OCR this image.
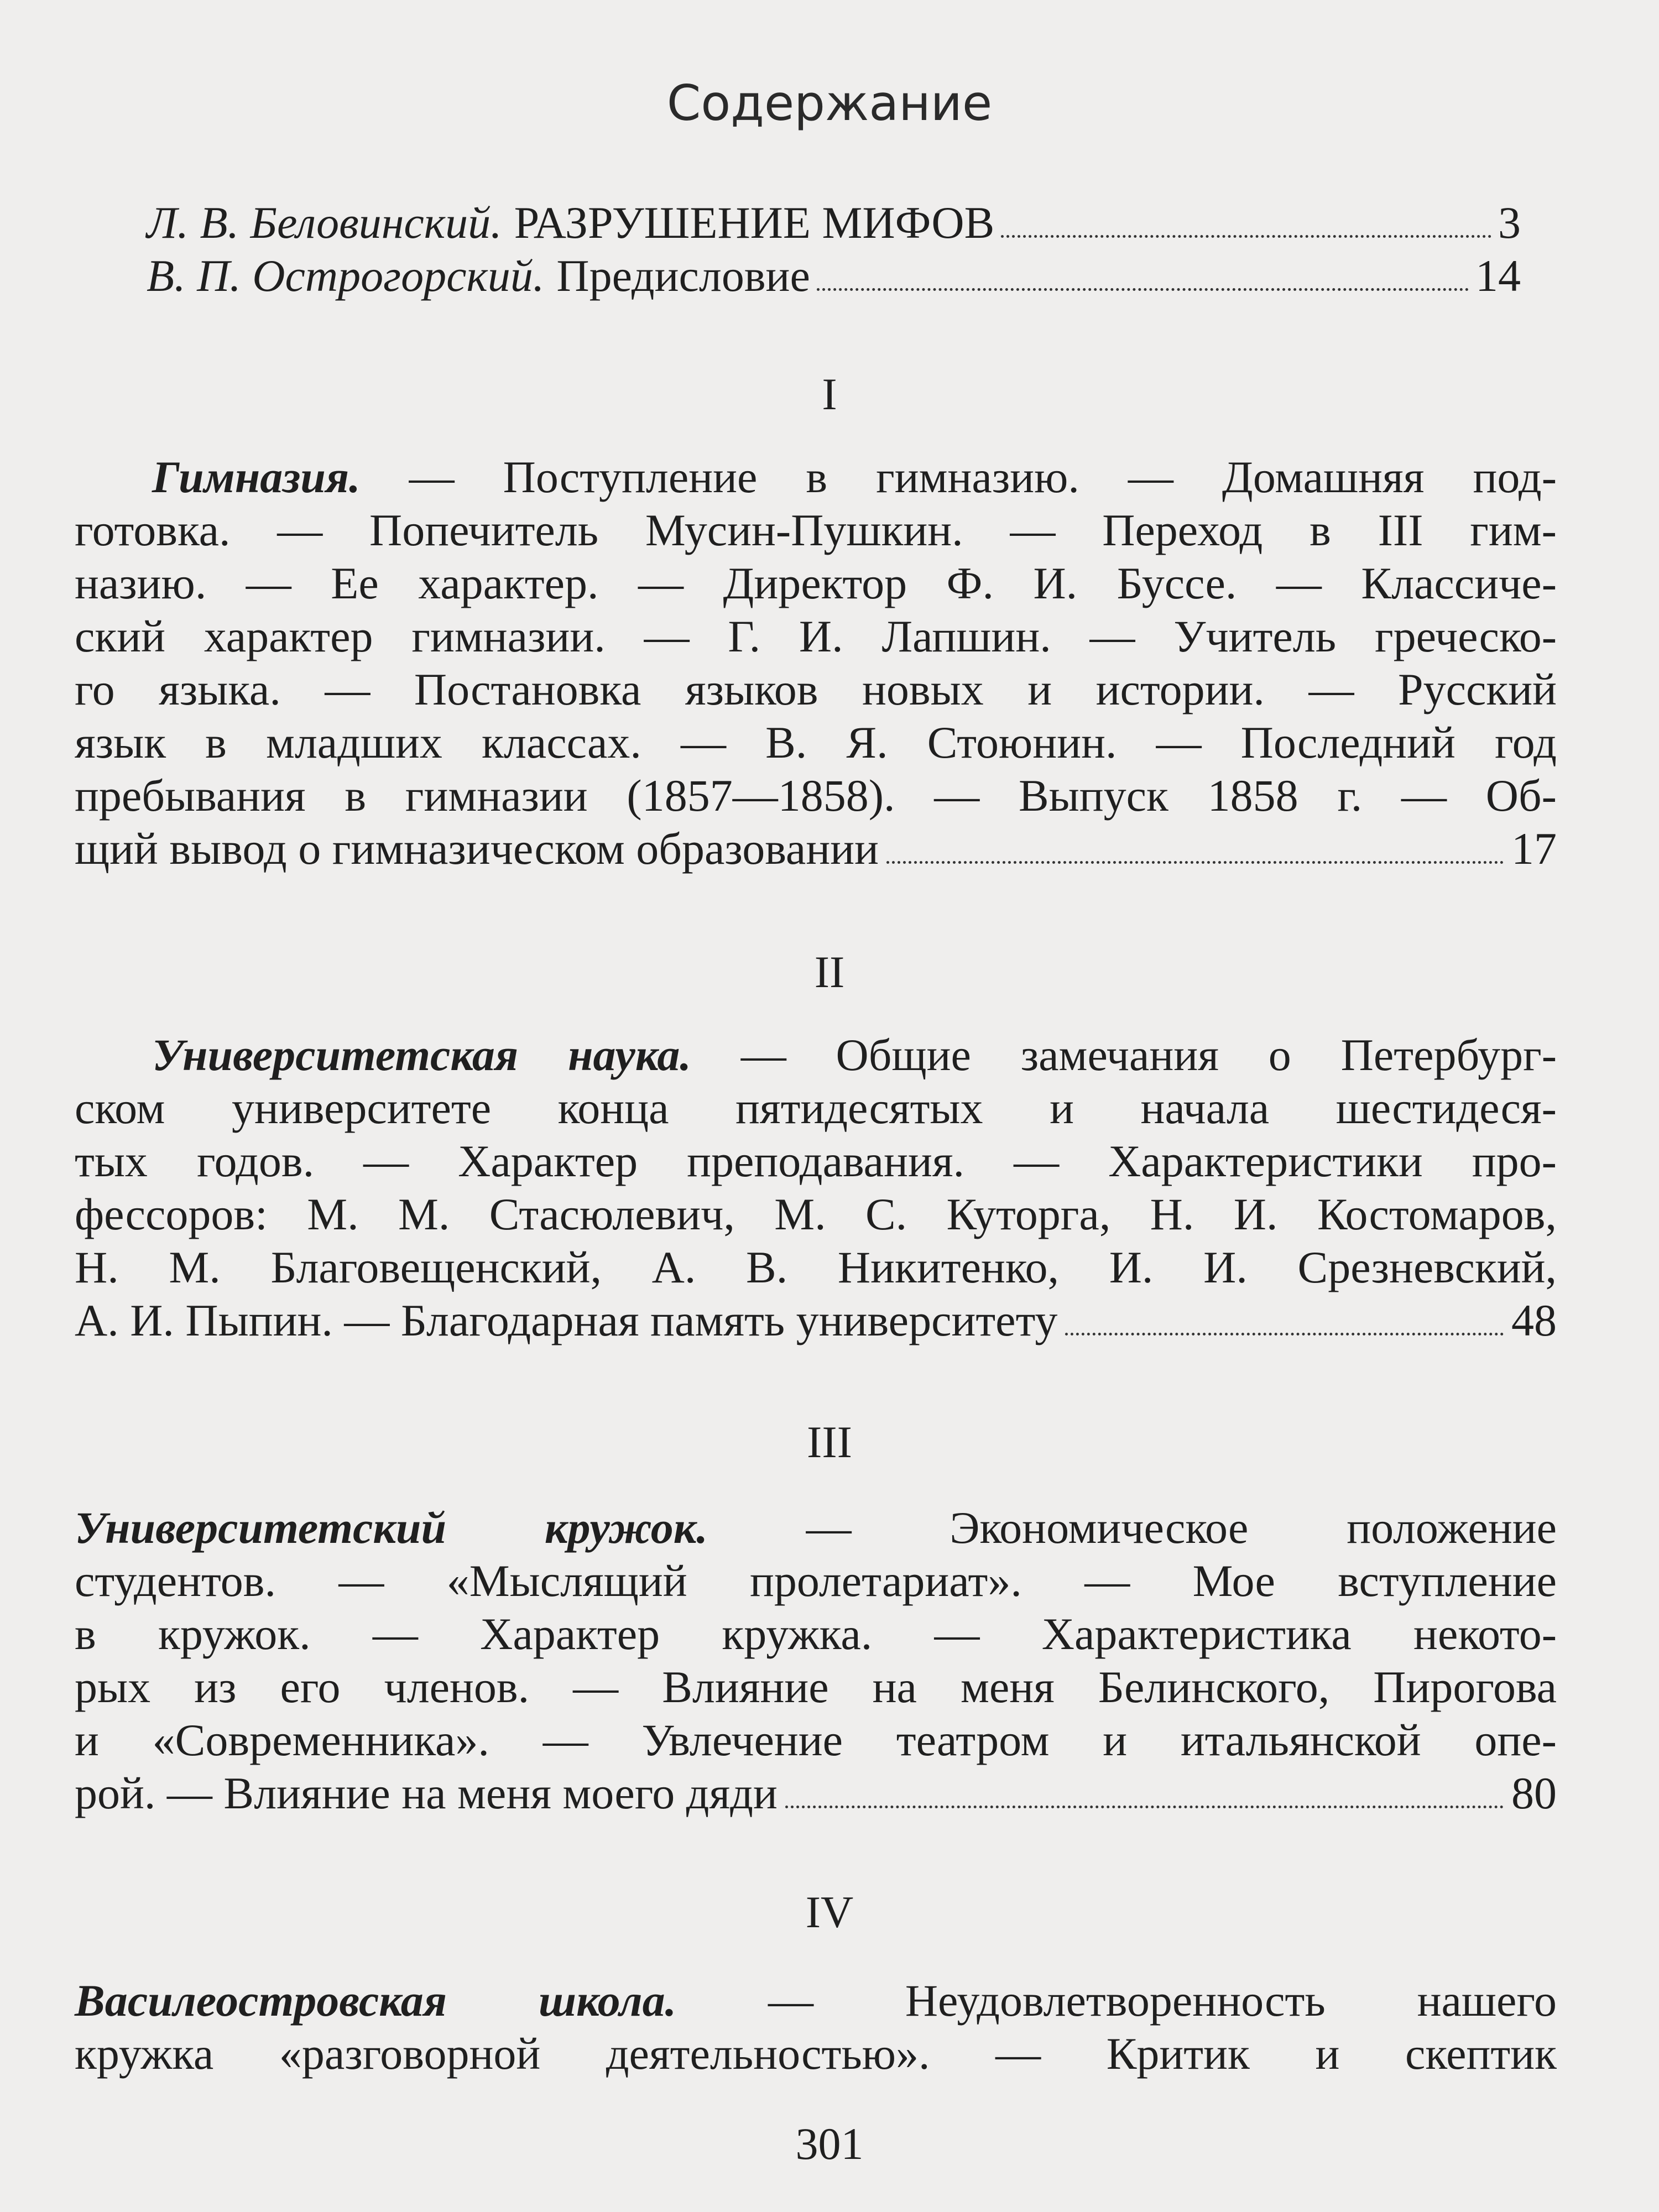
Содержание
Л. В. Беловинский. РАЗРУШЕНИЕ МИФОВ	3
В. П. Острогорский. Предисловие	14
I
Гимназия. — Поступление в гимназию. — Домашняя под-
готовка. — Попечитель Мусин-Пушкин. — Переход в III гим-
назию. — Ее характер. — Директор Ф. И. Буссе. — Классиче-
ский характер гимназии. — Г. И. Лапшин. — Учитель греческо-
го языка. — Постановка языков новых и истории. — Русский
язык в младших классах. — В. Я. Стоюнин. — Последний год
пребывания в гимназии (1857—1858). — Выпуск 1858 г. — Об-
щий вывод о гимназическом образовании	17
II
Университетская наука. — Общие замечания о Петербург-
ском университете конца пятидесятых и начала шестидеся-
тых годов. — Характер преподавания. — Характеристики про-
фессоров: М. М. Стасюлевич, М. С. Куторга, Н. И. Костомаров,
Н. М. Благовещенский, А. В. Никитенко, И. И. Срезневский,
А. И. Пыпин. — Благодарная память университету	48
III
Университетский кружок. — Экономическое положение
студентов. — «Мыслящий пролетариат». — Мое вступление
в кружок. — Характер кружка. — Характеристика некото-
рых из его членов. — Влияние на меня Белинского, Пирогова
и «Современника». — Увлечение театром и итальянской опе-
рой. — Влияние на меня моего дяди	80
IV
Василеостровская школа. — Неудовлетворенность нашего
кружка «разговорной деятельностью». — Критик и скептик
301
